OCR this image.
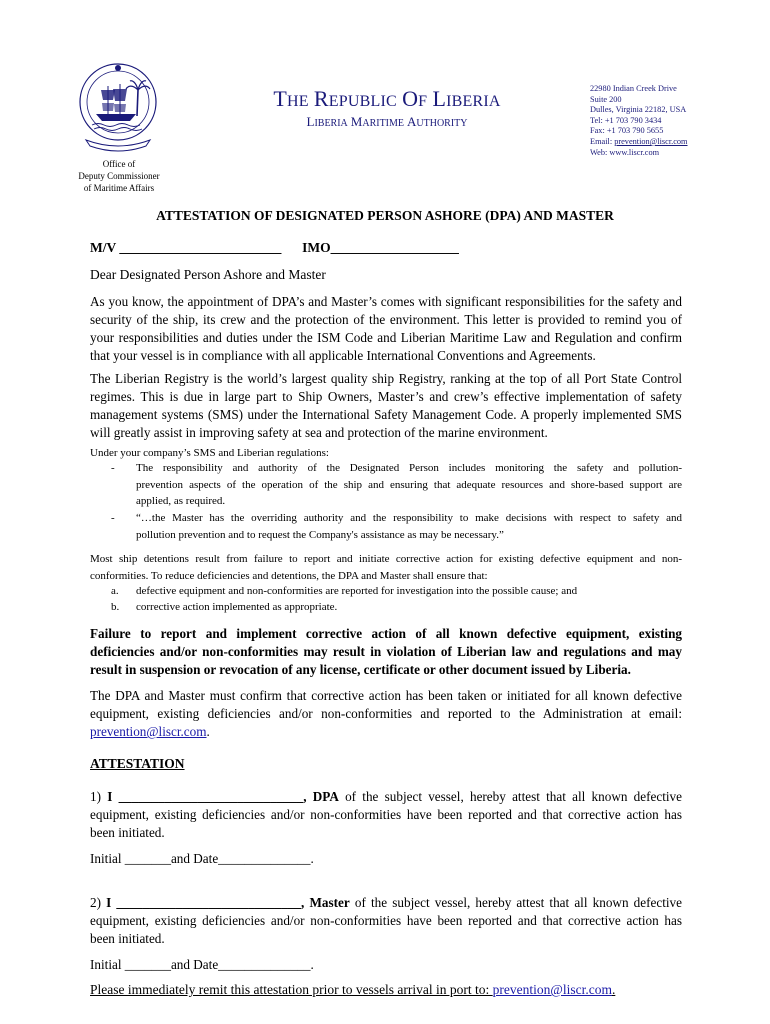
Office of
Deputy Commissioner
of Maritime Affairs
THE REPUBLIC OF LIBERIA
LIBERIA MARITIME AUTHORITY
22980 Indian Creek Drive
Suite 200
Dulles, Virginia 22182, USA
Tel: +1 703 790 3434
Fax: +1 703 790 5655
Email: prevention@liscr.com
Web: www.liscr.com
ATTESTATION OF DESIGNATED PERSON ASHORE (DPA) AND MASTER
M/V ________________________ IMO___________________
Dear Designated Person Ashore and Master
As you know, the appointment of DPA’s and Master’s comes with significant responsibilities for the safety and
security of the ship, its crew and the protection of the environment. This letter is provided to remind you of
your responsibilities and duties under the ISM Code and Liberian Maritime Law and Regulation and confirm
that your vessel is in compliance with all applicable International Conventions and Agreements.
The Liberian Registry is the world’s largest quality ship Registry, ranking at the top of all Port State Control
regimes. This is due in large part to Ship Owners, Master’s and crew’s effective implementation of safety
management systems (SMS) under the International Safety Management Code. A properly implemented SMS
will greatly assist in improving safety at sea and protection of the marine environment.
Under your company’s SMS and Liberian regulations:
- The responsibility and authority of the Designated Person includes monitoring the safety and pollution-
prevention aspects of the operation of the ship and ensuring that adequate resources and shore-based support are
applied, as required.
- “…the Master has the overriding authority and the responsibility to make decisions with respect to safety and
pollution prevention and to request the Company's assistance as may be necessary.”
Most ship detentions result from failure to report and initiate corrective action for existing defective equipment and non-
conformities. To reduce deficiencies and detentions, the DPA and Master shall ensure that:
a. defective equipment and non-conformities are reported for investigation into the possible cause; and
b. corrective action implemented as appropriate.
Failure to report and implement corrective action of all known defective equipment, existing
deficiencies and/or non-conformities may result in violation of Liberian law and regulations and may
result in suspension or revocation of any license, certificate or other document issued by Liberia.
The DPA and Master must confirm that corrective action has been taken or initiated for all known defective
equipment, existing deficiencies and/or non-conformities and reported to the Administration at email:
prevention@liscr.com.
ATTESTATION
1) I ____________________________, DPA of the subject vessel, hereby attest that all known defective
equipment, existing deficiencies and/or non-conformities have been reported and that corrective action has
been initiated.
Initial _______and Date______________.
2) I ____________________________, Master of the subject vessel, hereby attest that all known defective
equipment, existing deficiencies and/or non-conformities have been reported and that corrective action has
been initiated.
Initial _______and Date______________.
Please immediately remit this attestation prior to vessels arrival in port to: prevention@liscr.com.
